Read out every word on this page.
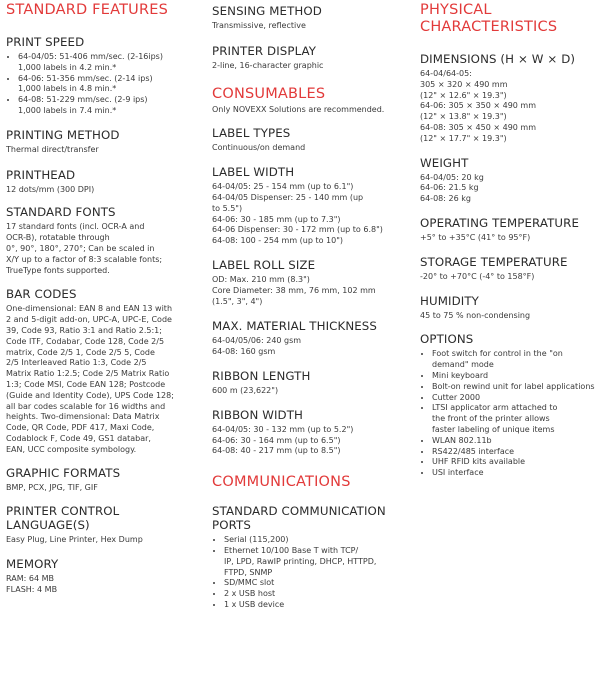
STANDARD FEATURES
PRINT SPEED
• 64-04/05: 51-406 mm/sec. (2-16ips)
1,000 labels in 4.2 min.*
• 64-06: 51-356 mm/sec. (2-14 ips)
1,000 labels in 4.8 min.*
• 64-08: 51-229 mm/sec. (2-9 ips)
1,000 labels in 7.4 min.*
PRINTING METHOD

Thermal direct/transfer

PRINTHEAD

12 dots/mm (300 DPI)

STANDARD FONTS

17 standard fonts (incl. OCR-A and
OCR-B), rotatable through
0°, 90°, 180°, 270°; Can be scaled in
X/Y up to a factor of 8:3 scalable fonts;
TrueType fonts supported.

BAR CODES

One-dimensional: EAN 8 and EAN 13 with
2 and 5-digit add-on, UPC-A, UPC-E, Code
39, Code 93, Ratio 3:1 and Ratio 2.5:1;
Code ITF, Codabar, Code 128, Code 2/5
matrix, Code 2/5 1, Code 2/5 5, Code
2/5 Interleaved Ratio 1:3, Code 2/5
Matrix Ratio 1:2.5; Code 2/5 Matrix Ratio
1:3; Code MSI, Code EAN 128; Postcode
(Guide and Identity Code), UPS Code 128;
all bar codes scalable for 16 widths and
heights. Two-dimensional: Data Matrix
Code, QR Code, PDF 417, Maxi Code,
Codablock F, Code 49, GS1 databar,
EAN, UCC composite symbology.

GRAPHIC FORMATS

BMP, PCX, JPG, TIF, GIF

PRINTER CONTROL
LANGUAGE(S)

Easy Plug, Line Printer, Hex Dump

MEMORY

RAM: 64 MB
FLASH: 4 MB

SENSING METHOD

Transmissive, reflective

PRINTER DISPLAY

2-line, 16-character graphic

CONSUMABLES

Only NOVEXX Solutions are recommended.

LABEL TYPES

Continuous/on demand

LABEL WIDTH

64-04/05: 25 - 154 mm (up to 6.1")
64-04/05 Dispenser: 25 - 140 mm (up
to 5.5")
64-06: 30 - 185 mm (up to 7.3")
64-06 Dispenser: 30 - 172 mm (up to 6.8")
64-08: 100 - 254 mm (up to 10")

LABEL ROLL SIZE

OD: Max. 210 mm (8.3")
Core Diameter: 38 mm, 76 mm, 102 mm
(1.5", 3", 4")

MAX. MATERIAL THICKNESS

64-04/05/06: 240 gsm
64-08: 160 gsm

RIBBON LENGTH

600 m (23,622")

RIBBON WIDTH

64-04/05: 30 - 132 mm (up to 5.2")
64-06: 30 - 164 mm (up to 6.5")
64-08: 40 - 217 mm (up to 8.5")

COMMUNICATIONS
STANDARD COMMUNICATION
PORTS
• Serial (115,200)
• Ethernet 10/100 Base T with TCP/
IP, LPD, RawIP printing, DHCP, HTTPD,
FTPD, SNMP
• SD/MMC slot
• 2 x USB host
• 1 x USB device
PHYSICAL
CHARACTERISTICS
DIMENSIONS (H × W × D)

64-04/64-05:
305 × 320 × 490 mm
(12" × 12.6" × 19.3")
64-06: 305 × 350 × 490 mm
(12" × 13.8" × 19.3")
64-08: 305 × 450 × 490 mm
(12" × 17.7" × 19.3")

WEIGHT

64-04/05: 20 kg
64-06: 21.5 kg
64-08: 26 kg

OPERATING TEMPERATURE

+5° to +35°C (41° to 95°F)

STORAGE TEMPERATURE

-20° to +70°C (-4° to 158°F)

HUMIDITY

45 to 75 % non-condensing

OPTIONS
• Foot switch for control in the "on
demand" mode
• Mini keyboard
• Bolt-on rewind unit for label applications
• Cutter 2000
• LTSI applicator arm attached to
the front of the printer allows
faster labeling of unique items
• WLAN 802.11b
• RS422/485 interface
• UHF RFID kits available
• USI interface
